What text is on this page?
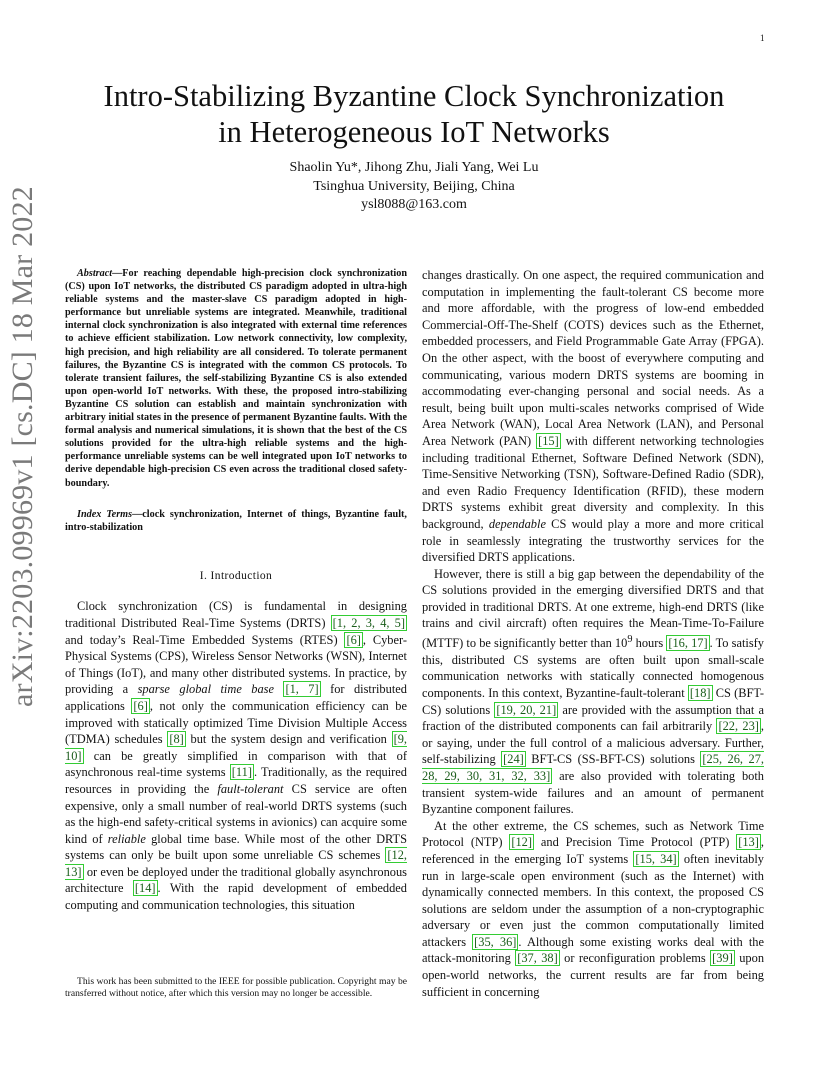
1
arXiv:2203.09969v1 [cs.DC] 18 Mar 2022
Intro-Stabilizing Byzantine Clock Synchronization
in Heterogeneous IoT Networks
Shaolin Yu*, Jihong Zhu, Jiali Yang, Wei Lu
Tsinghua University, Beijing, China
ysl8088@163.com

Abstract—For reaching dependable high-precision clock synchronization (CS) upon IoT networks, the distributed CS paradigm adopted in ultra-high reliable systems and the master-slave CS paradigm adopted in high-performance but unreliable systems are integrated. Meanwhile, traditional internal clock synchronization is also integrated with external time references to achieve efficient stabilization. Low network connectivity, low complexity, high precision, and high reliability are all considered. To tolerate permanent failures, the Byzantine CS is integrated with the common CS protocols. To tolerate transient failures, the self-stabilizing Byzantine CS is also extended upon open-world IoT networks. With these, the proposed intro-stabilizing Byzantine CS solution can establish and maintain synchronization with arbitrary initial states in the presence of permanent Byzantine faults. With the formal analysis and numerical simulations, it is shown that the best of the CS solutions provided for the ultra-high reliable systems and the high-performance unreliable systems can be well integrated upon IoT networks to derive dependable high-precision CS even across the traditional closed safety-boundary.

Index Terms—clock synchronization, Internet of things, Byzantine fault, intro-stabilization

I. Introduction

Clock synchronization (CS) is fundamental in designing traditional Distributed Real-Time Systems (DRTS) [1, 2, 3, 4, 5] and today’s Real-Time Embedded Systems (RTES) [6] , Cyber-Physical Systems (CPS), Wireless Sensor Networks (WSN), Internet of Things (IoT), and many other distributed systems. In practice, by providing a sparse global time base [1, 7] for distributed applications [6] , not only the communication efficiency can be improved with statically optimized Time Division Multiple Access (TDMA) schedules [8] but the system design and verification [9, 10] can be greatly simplified in comparison with that of asynchronous real-time systems [11] . Traditionally, as the required resources in providing the fault-tolerant CS service are often expensive, only a small number of real-world DRTS systems (such as the high-end safety-critical systems in avionics) can acquire some kind of reliable global time base. While most of the other DRTS systems can only be built upon some unreliable CS schemes [12, 13] or even be deployed under the traditional globally asynchronous architecture [14] . With the rapid development of embedded computing and communication technologies, this situation

This work has been submitted to the IEEE for possible publication. Copyright may be transferred without notice, after which this version may no longer be accessible.

changes drastically. On one aspect, the required communication and computation in implementing the fault-tolerant CS become more and more affordable, with the progress of low-end embedded Commercial-Off-The-Shelf (COTS) devices such as the Ethernet, embedded processers, and Field Programmable Gate Array (FPGA). On the other aspect, with the boost of everywhere computing and communicating, various modern DRTS systems are booming in accommodating ever-changing personal and social needs. As a result, being built upon multi-scales networks comprised of Wide Area Network (WAN), Local Area Network (LAN), and Personal Area Network (PAN) [15] with different networking technologies including traditional Ethernet, Software Defined Network (SDN), Time-Sensitive Networking (TSN), Software-Defined Radio (SDR), and even Radio Frequency Identification (RFID), these modern DRTS systems exhibit great diversity and complexity. In this background, dependable CS would play a more and more critical role in seamlessly integrating the trustworthy services for the diversified DRTS applications.

However, there is still a big gap between the dependability of the CS solutions provided in the emerging diversified DRTS and that provided in traditional DRTS. At one extreme, high-end DRTS (like trains and civil aircraft) often requires the Mean-Time-To-Failure (MTTF) to be significantly better than $10^9$ hours [16, 17] . To satisfy this, distributed CS systems are often built upon small-scale communication networks with statically connected homogenous components. In this context, Byzantine-fault-tolerant [18] CS (BFT-CS) solutions [19, 20, 21] are provided with the assumption that a fraction of the distributed components can fail arbitrarily [22, 23] , or saying, under the full control of a malicious adversary. Further, self-stabilizing [24] BFT-CS (SS-BFT-CS) solutions [25, 26, 27, 28, 29, 30, 31, 32, 33] are also provided with tolerating both transient system-wide failures and an amount of permanent Byzantine component failures.

At the other extreme, the CS schemes, such as Network Time Protocol (NTP) [12] and Precision Time Protocol (PTP) [13] , referenced in the emerging IoT systems [15, 34] often inevitably run in large-scale open environment (such as the Internet) with dynamically connected members. In this context, the proposed CS solutions are seldom under the assumption of a non-cryptographic adversary or even just the common computationally limited attackers [35, 36] . Although some existing works deal with the attack-monitoring [37, 38] or reconfiguration problems [39] upon open-world networks, the current results are far from being sufficient in concerning
